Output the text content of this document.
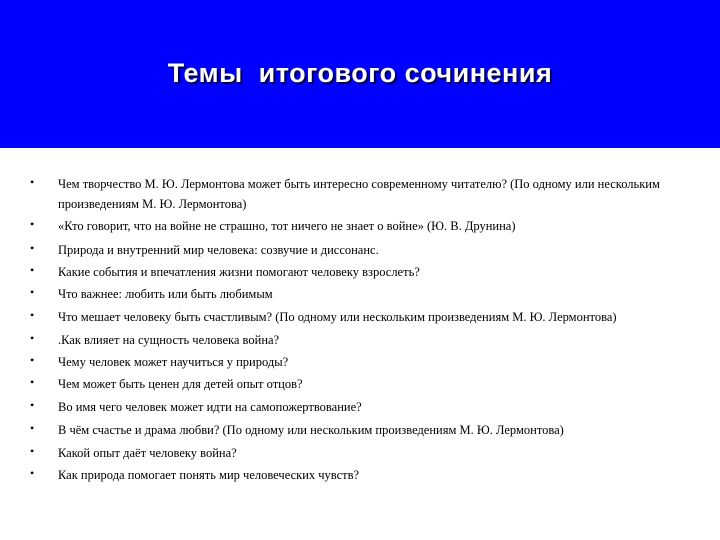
Темы  итогового сочинения
• Чем творчество М. Ю. Лермонтова может быть интересно современному читателю? (По одному или нескольким произведениям М. Ю. Лермонтова)
• «Кто говорит, что на войне не страшно, тот ничего не знает о войне» (Ю. В. Друнина)
• Природа и внутренний мир человека: созвучие и диссонанс.
• Какие события и впечатления жизни помогают человеку взрослеть?
• Что важнее: любить или быть любимым
• Что мешает человеку быть счастливым? (По одному или нескольким произведениям М. Ю. Лермонтова)
• .Как влияет на сущность человека война?
• Чему человек может научиться у природы?
• Чем может быть ценен для детей опыт отцов?
• Во имя чего человек может идти на самопожертвование?
• В чём счастье и драма любви? (По одному или нескольким произведениям М. Ю. Лермонтова)
• Какой опыт даёт человеку война?
• Как природа помогает понять мир человеческих чувств?
